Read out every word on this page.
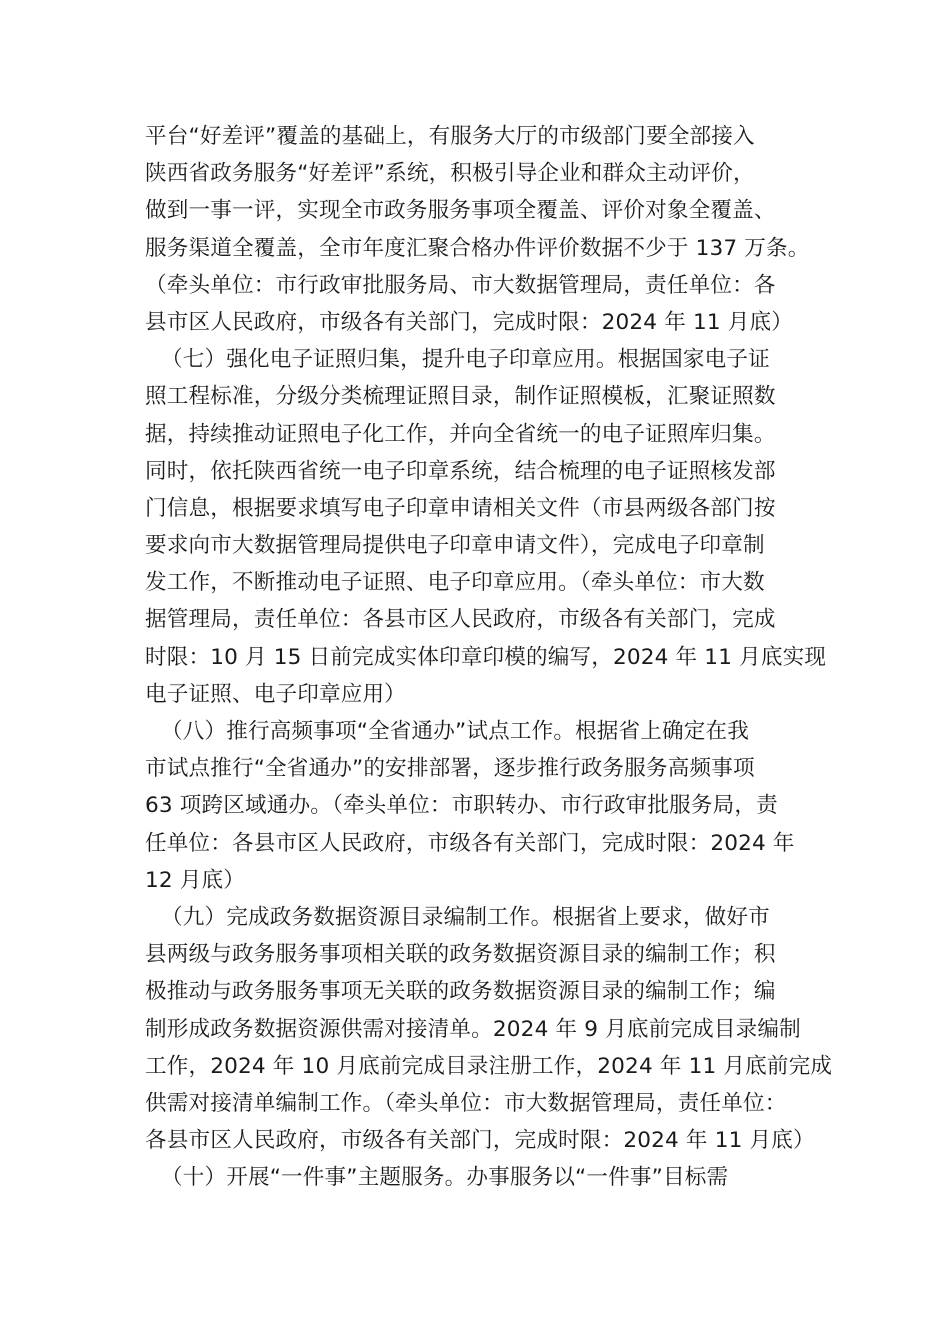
平台“好差评”覆盖的基础上，有服务大厅的市级部门要全部接入
陕西省政务服务“好差评”系统，积极引导企业和群众主动评价，
做到一事一评，实现全市政务服务事项全覆盖、评价对象全覆盖、
服务渠道全覆盖，全市年度汇聚合格办件评价数据不少于 137 万条。
（牵头单位：市行政审批服务局、市大数据管理局，责任单位：各
县市区人民政府，市级各有关部门，完成时限：2024 年 11 月底）
（七）强化电子证照归集，提升电子印章应用。根据国家电子证
照工程标准，分级分类梳理证照目录，制作证照模板，汇聚证照数
据，持续推动证照电子化工作，并向全省统一的电子证照库归集。
同时，依托陕西省统一电子印章系统，结合梳理的电子证照核发部
门信息，根据要求填写电子印章申请相关文件（市县两级各部门按
要求向市大数据管理局提供电子印章申请文件），完成电子印章制
发工作，不断推动电子证照、电子印章应用。（牵头单位：市大数
据管理局，责任单位：各县市区人民政府，市级各有关部门，完成
时限：10 月 15 日前完成实体印章印模的编写，2024 年 11 月底实现
电子证照、电子印章应用）
（八）推行高频事项“全省通办”试点工作。根据省上确定在我
市试点推行“全省通办”的安排部署，逐步推行政务服务高频事项
63 项跨区域通办。（牵头单位：市职转办、市行政审批服务局，责
任单位：各县市区人民政府，市级各有关部门，完成时限：2024 年
12 月底）
（九）完成政务数据资源目录编制工作。根据省上要求，做好市
县两级与政务服务事项相关联的政务数据资源目录的编制工作；积
极推动与政务服务事项无关联的政务数据资源目录的编制工作；编
制形成政务数据资源供需对接清单。2024 年 9 月底前完成目录编制
工作，2024 年 10 月底前完成目录注册工作，2024 年 11 月底前完成
供需对接清单编制工作。（牵头单位：市大数据管理局，责任单位：
各县市区人民政府，市级各有关部门，完成时限：2024 年 11 月底）
（十）开展“一件事”主题服务。办事服务以“一件事”目标需
